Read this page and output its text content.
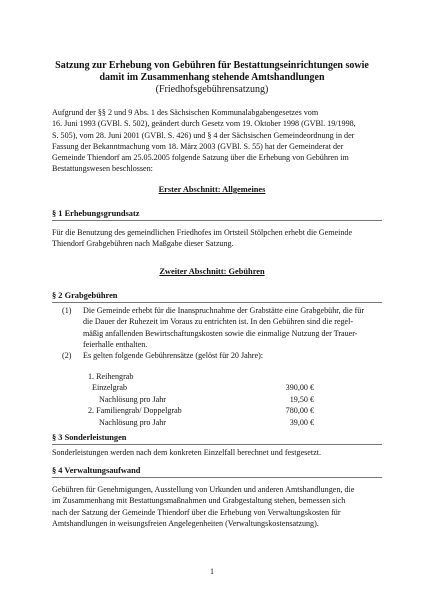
Satzung zur Erhebung von Gebühren für Bestattungseinrichtungen sowie
damit im Zusammenhang stehende Amtshandlungen
(Friedhofsgebührensatzung)
Aufgrund der §§ 2 und 9 Abs. 1 des Sächsischen Kommunalabgabengesetzes vom
16. Juni 1993 (GVBl. S. 502), geändert durch Gesetz vom 19. Oktober 1998 (GVBl. 19/1998,
S. 505), vom 28. Juni 2001 (GVBl. S. 426) und § 4 der Sächsischen Gemeindeordnung in der
Fassung der Bekanntmachung vom 18. März 2003 (GVBl. S. 55) hat der Gemeinderat der
Gemeinde Thiendorf am 25.05.2005 folgende Satzung über die Erhebung von Gebühren im
Bestattungswesen beschlossen:
Erster Abschnitt: Allgemeines
§ 1 Erhebungsgrundsatz
Für die Benutzung des gemeindlichen Friedhofes im Ortsteil Stölpchen erhebt die Gemeinde
Thiendorf Grabgebühren nach Maßgabe dieser Satzung.
Zweiter Abschnitt: Gebühren
§ 2 Grabgebühren
(1) Die Gemeinde erhebt für die Inanspruchnahme der Grabstätte eine Grabgebühr, die für
die Dauer der Ruhezeit im Voraus zu entrichten ist. In den Gebühren sind die regel-
mäßig anfallenden Bewirtschaftungskosten sowie die einmalige Nutzung der Trauer-
feierhalle enthalten.
(2) Es gelten folgende Gebührensätze (gelöst für 20 Jahre):
1. Reihengrab
Einzelgrab	390,00 €
Nachlösung pro Jahr	19,50 €
2. Familiengrab/ Doppelgrab	780,00 €
Nachlösung pro Jahr	39,00 €
§ 3 Sonderleistungen
Sonderleistungen werden nach dem konkreten Einzelfall berechnet und festgesetzt.
§ 4 Verwaltungsaufwand
Gebühren für Genehmigungen, Ausstellung von Urkunden und anderen Amtshandlungen, die
im Zusammenhang mit Bestattungsmaßnahmen und Grabgestaltung stehen, bemessen sich
nach der Satzung der Gemeinde Thiendorf über die Erhebung von Verwaltungskosten für
Amtshandlungen in weisungsfreien Angelegenheiten (Verwaltungskostensatzung).
1
